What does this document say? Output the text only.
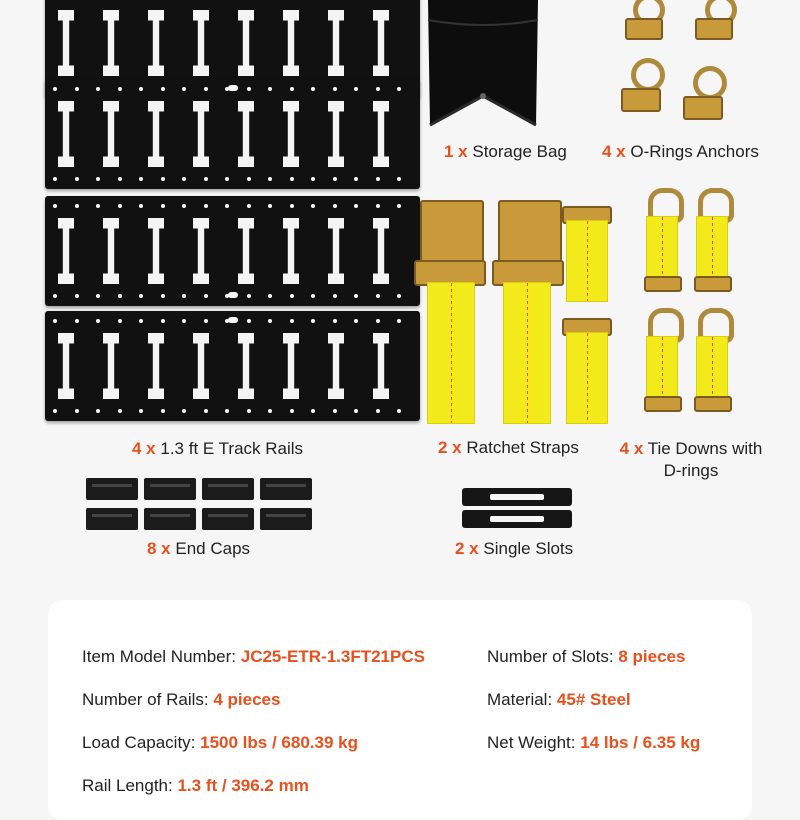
1 x Storage Bag 4 x O-Rings Anchors
2 x Ratchet Straps	4 x Tie Downs with
D-rings
4 x 1.3 ft E Track Rails
8 x End Caps	2 x Single Slots
Item Model Number: JC25-ETR-1.3FT21PCS	Number of Slots: 8 pieces
Number of Rails: 4 pieces	Material: 45# Steel
Load Capacity: 1500 lbs / 680.39 kg	Net Weight: 14 lbs / 6.35 kg
Rail Length: 1.3 ft / 396.2 mm
